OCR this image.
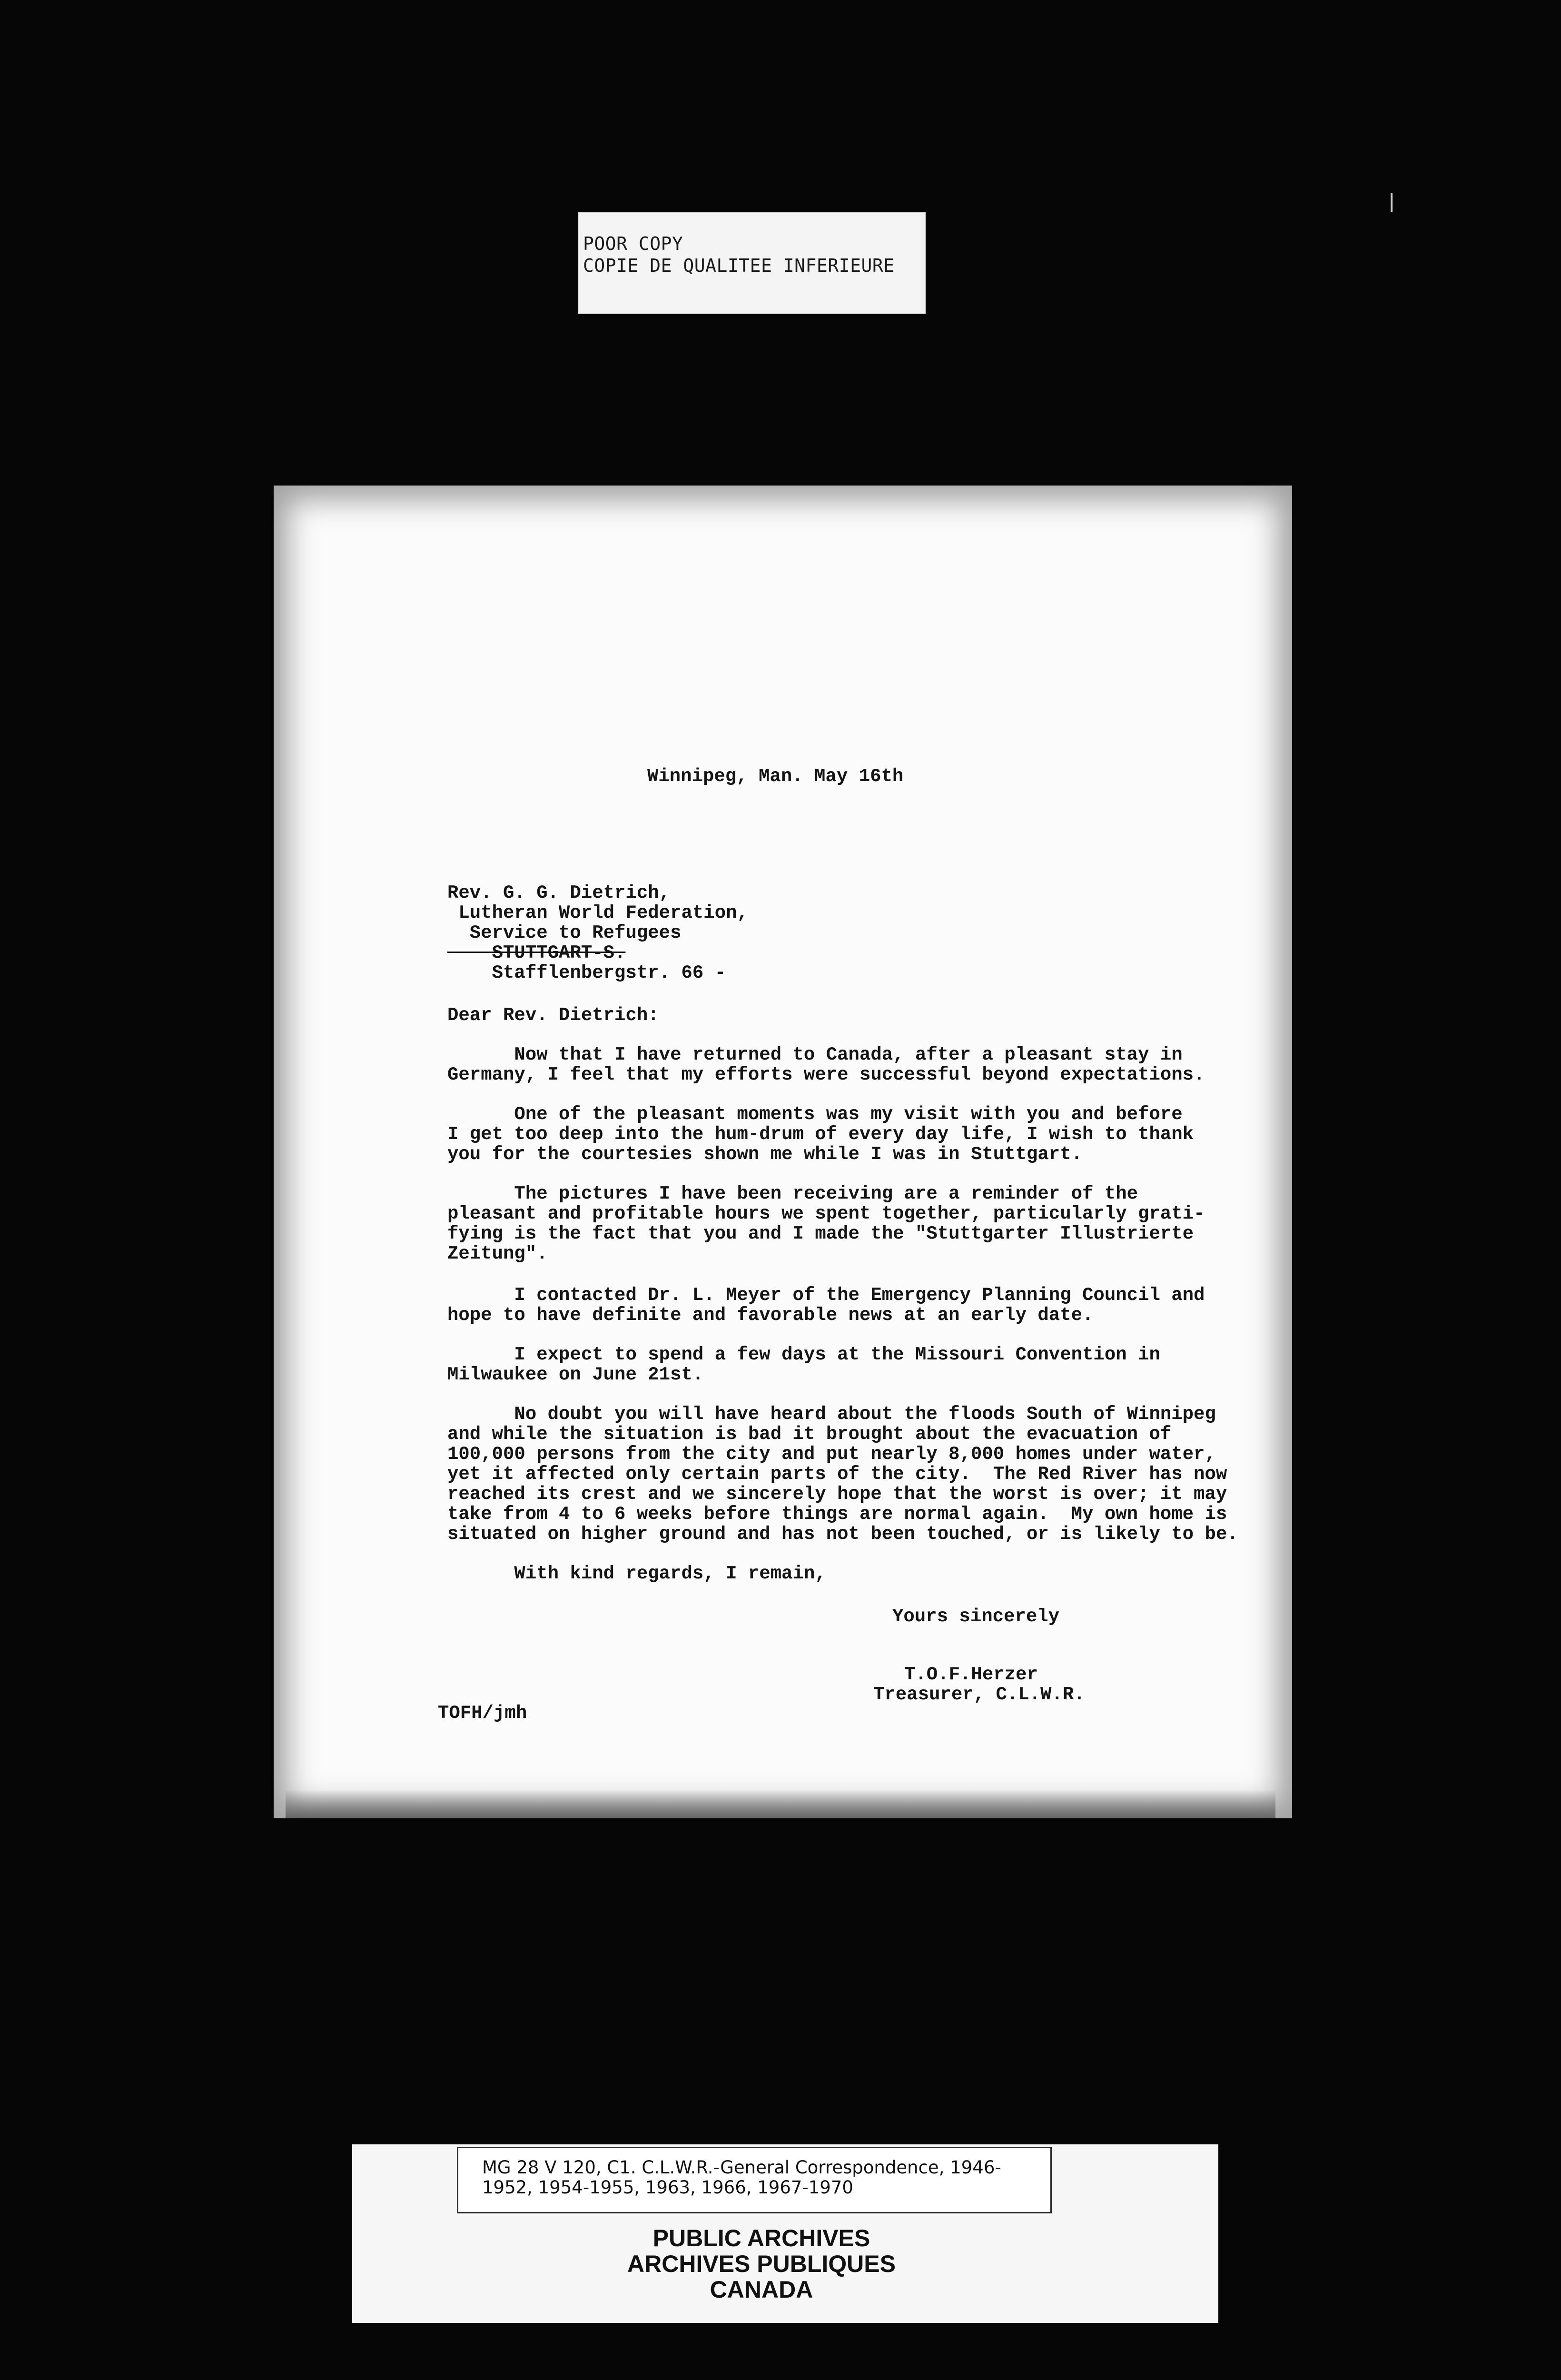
POOR COPY
COPIE DE QUALITEE INFERIEURE
Winnipeg, Man. May 16th
Rev. G. G. Dietrich,
Lutheran World Federation,
Service to Refugees
STUTTGART-S.
Stafflenbergstr. 66 -
Dear Rev. Dietrich:
Now that I have returned to Canada, after a pleasant stay in
Germany, I feel that my efforts were successful beyond expectations.
One of the pleasant moments was my visit with you and before
I get too deep into the hum-drum of every day life, I wish to thank
you for the courtesies shown me while I was in Stuttgart.
The pictures I have been receiving are a reminder of the
pleasant and profitable hours we spent together, particularly grati-
fying is the fact that you and I made the "Stuttgarter Illustrierte
Zeitung".
I contacted Dr. L. Meyer of the Emergency Planning Council and
hope to have definite and favorable news at an early date.
I expect to spend a few days at the Missouri Convention in
Milwaukee on June 21st.
No doubt you will have heard about the floods South of Winnipeg
and while the situation is bad it brought about the evacuation of
100,000 persons from the city and put nearly 8,000 homes under water,
yet it affected only certain parts of the city.  The Red River has now
reached its crest and we sincerely hope that the worst is over; it may
take from 4 to 6 weeks before things are normal again.  My own home is
situated on higher ground and has not been touched, or is likely to be.
With kind regards, I remain,
Yours sincerely
T.O.F.Herzer
Treasurer, C.L.W.R.
TOFH/jmh
MG 28 V 120, C1. C.L.W.R.-General Correspondence, 1946-
1952, 1954-1955, 1963, 1966, 1967-1970
PUBLIC ARCHIVES
ARCHIVES PUBLIQUES
CANADA
